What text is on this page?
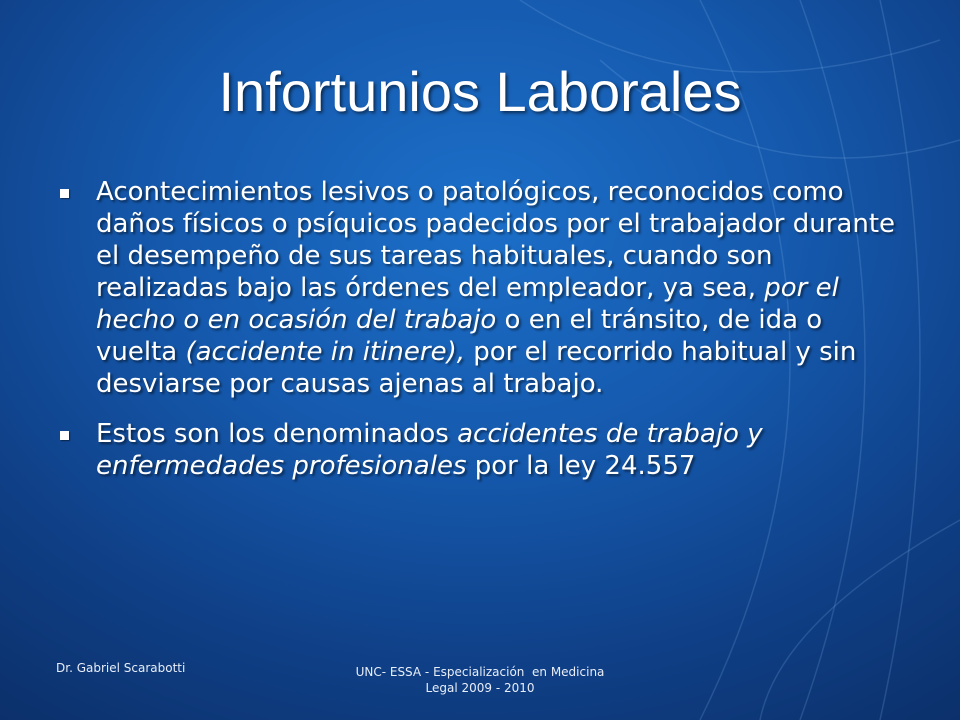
Infortunios Laborales
Acontecimientos lesivos o patológicos, reconocidos como daños físicos o psíquicos padecidos por el trabajador durante el desempeño de sus tareas habituales, cuando son realizadas bajo las órdenes del empleador, ya sea, por el hecho o en ocasión del trabajo o en el tránsito, de ida o vuelta (accidente in itinere), por el recorrido habitual y sin desviarse por causas ajenas al trabajo.
Estos son los denominados accidentes de trabajo y enfermedades profesionales por la ley 24.557
Dr. Gabriel Scarabotti	UNC- ESSA - Especialización  en Medicina
Legal 2009 - 2010
